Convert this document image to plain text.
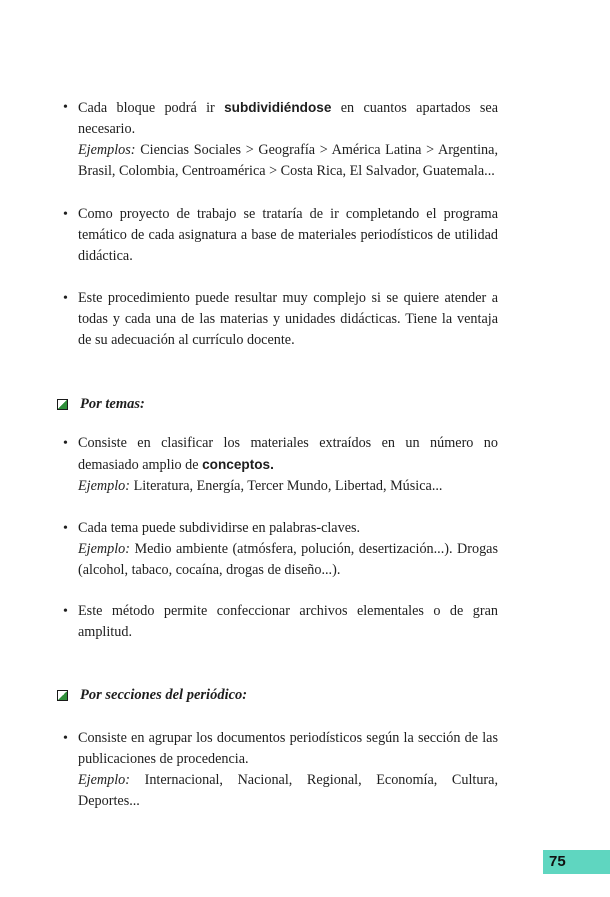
• Cada bloque podrá ir subdividiéndose en cuantos apartados sea necesario.

Ejemplos: Ciencias Sociales > Geografía > América Latina > Argentina, Brasil, Colombia, Centroamérica > Costa Rica, El Salvador, Guatemala...

• Como proyecto de trabajo se trataría de ir completando el programa temático de cada asignatura a base de materiales periodísticos de utilidad didáctica.

• Este procedimiento puede resultar muy complejo si se quiere atender a todas y cada una de las materias y unidades didácticas. Tiene la ventaja de su adecuación al currículo docente.

Por temas:
• Consiste en clasificar los materiales extraídos en un número no demasiado amplio de conceptos.

Ejemplo: Literatura, Energía, Tercer Mundo, Libertad, Música...

• Cada tema puede subdividirse en palabras-claves.

Ejemplo: Medio ambiente (atmósfera, polución, desertización...). Drogas (alcohol, tabaco, cocaína, drogas de diseño...).

• Este método permite confeccionar archivos elementales o de gran amplitud.

Por secciones del periódico:
• Consiste en agrupar los documentos periodísticos según la sección de las publicaciones de procedencia.

Ejemplo: Internacional, Nacional, Regional, Economía, Cultura, Deportes...

75
